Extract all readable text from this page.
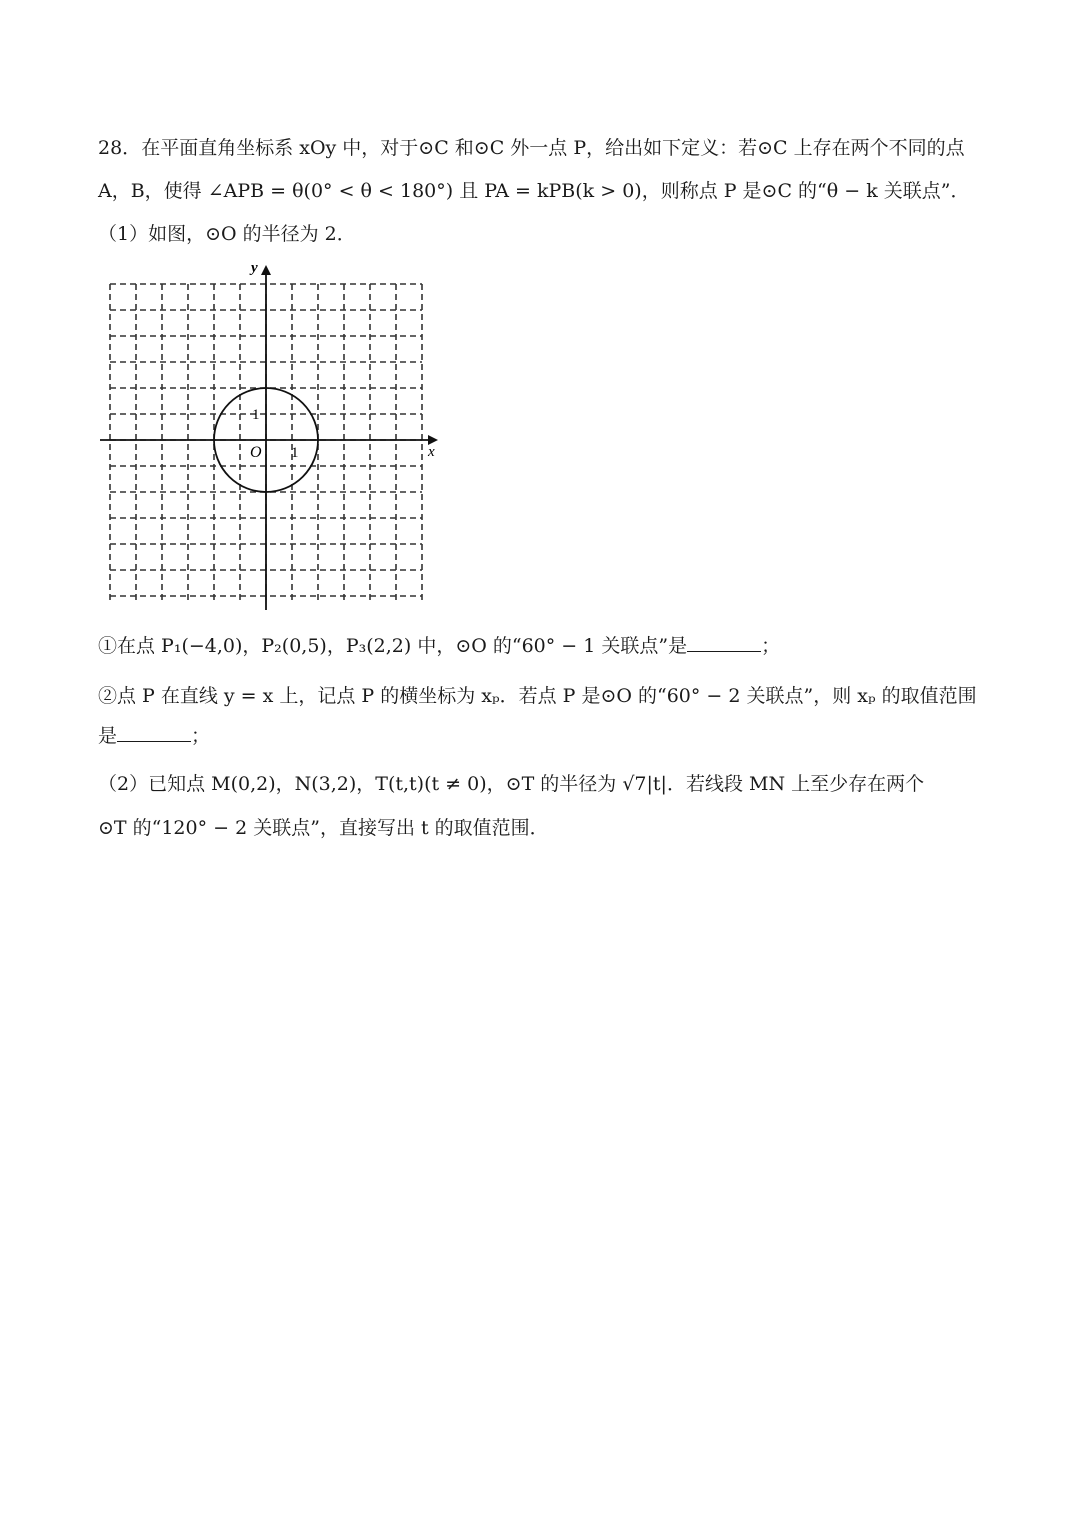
28．在平面直角坐标系 xOy 中，对于⊙C 和⊙C 外一点 P，给出如下定义：若⊙C 上存在两个不同的点
A，B，使得 ∠APB = θ(0° < θ < 180°) 且 PA = kPB(k > 0)，则称点 P 是⊙C 的“θ − k 关联点”．
（1）如图，⊙O 的半径为 2．
y
x
O 1
1
①在点 P₁(−4,0)，P₂(0,5)，P₃(2,2) 中，⊙O 的“60° − 1 关联点”是	；
②点 P 在直线 y = x 上，记点 P 的横坐标为 xₚ．若点 P 是⊙O 的“60° − 2 关联点”，则 xₚ 的取值范围
是	；
（2）已知点 M(0,2)，N(3,2)，T(t,t)(t ≠ 0)，⊙T 的半径为 √7|t|．若线段 MN 上至少存在两个
⊙T 的“120° − 2 关联点”，直接写出 t 的取值范围．
